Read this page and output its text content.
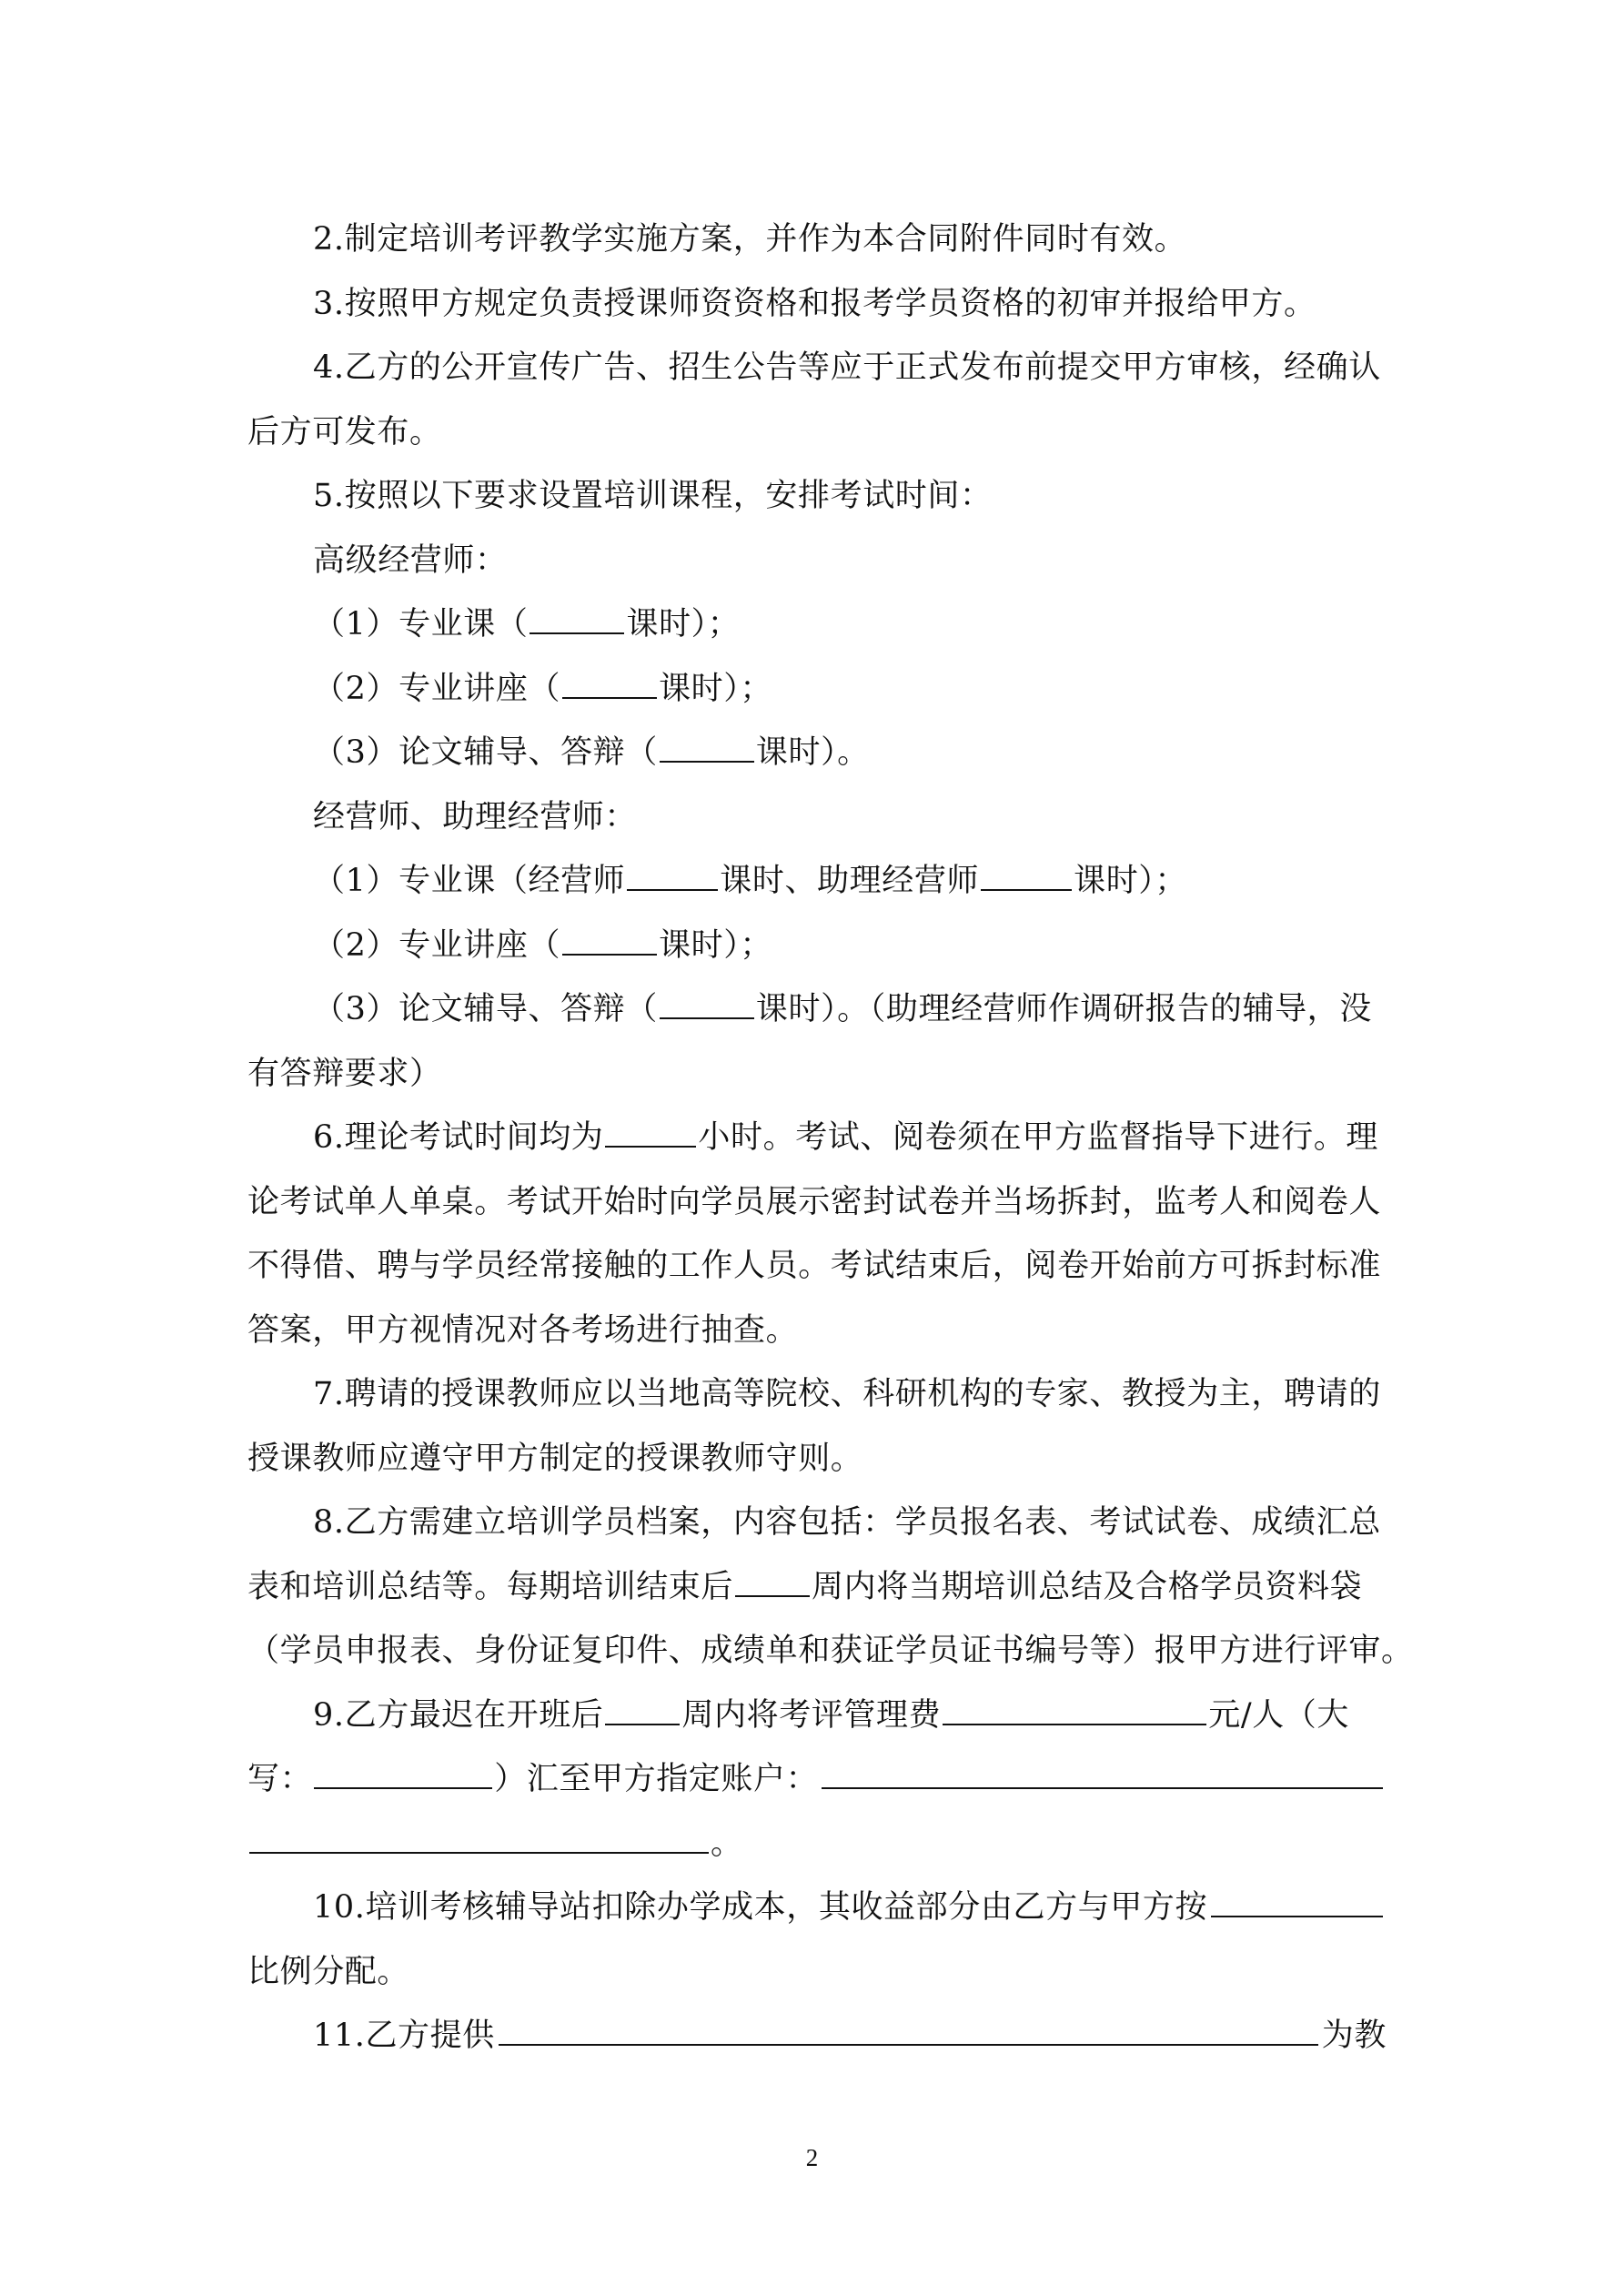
2.制定培训考评教学实施方案，并作为本合同附件同时有效。

3.按照甲方规定负责授课师资资格和报考学员资格的初审并报给甲方。

4.乙方的公开宣传广告、招生公告等应于正式发布前提交甲方审核，经确认

后方可发布。

5.按照以下要求设置培训课程，安排考试时间：

高级经营师：

（1）专业课（	课时）；

（2）专业讲座（	课时）；

（3）论文辅导、答辩（	课时）。

经营师、助理经营师：

（1）专业课（经营师	课时、助理经营师	课时）；

（2）专业讲座（	课时）；

（3）论文辅导、答辩（	课时）。（助理经营师作调研报告的辅导，没

有答辩要求）

6.理论考试时间均为	小时。考试、阅卷须在甲方监督指导下进行。理

论考试单人单桌。考试开始时向学员展示密封试卷并当场拆封，监考人和阅卷人

不得借、聘与学员经常接触的工作人员。考试结束后，阅卷开始前方可拆封标准

答案，甲方视情况对各考场进行抽查。

7.聘请的授课教师应以当地高等院校、科研机构的专家、教授为主，聘请的

授课教师应遵守甲方制定的授课教师守则。

8.乙方需建立培训学员档案，内容包括：学员报名表、考试试卷、成绩汇总

表和培训总结等。每期培训结束后 周内将当期培训总结及合格学员资料袋

（学员申报表、身份证复印件、成绩单和获证学员证书编号等）报甲方进行评审。

9.乙方最迟在开班后 周内将考评管理费	元/人（大

写：	）汇至甲方指定账户：

。

10.培训考核辅导站扣除办学成本，其收益部分由乙方与甲方按

比例分配。

11.乙方提供	为教

2
